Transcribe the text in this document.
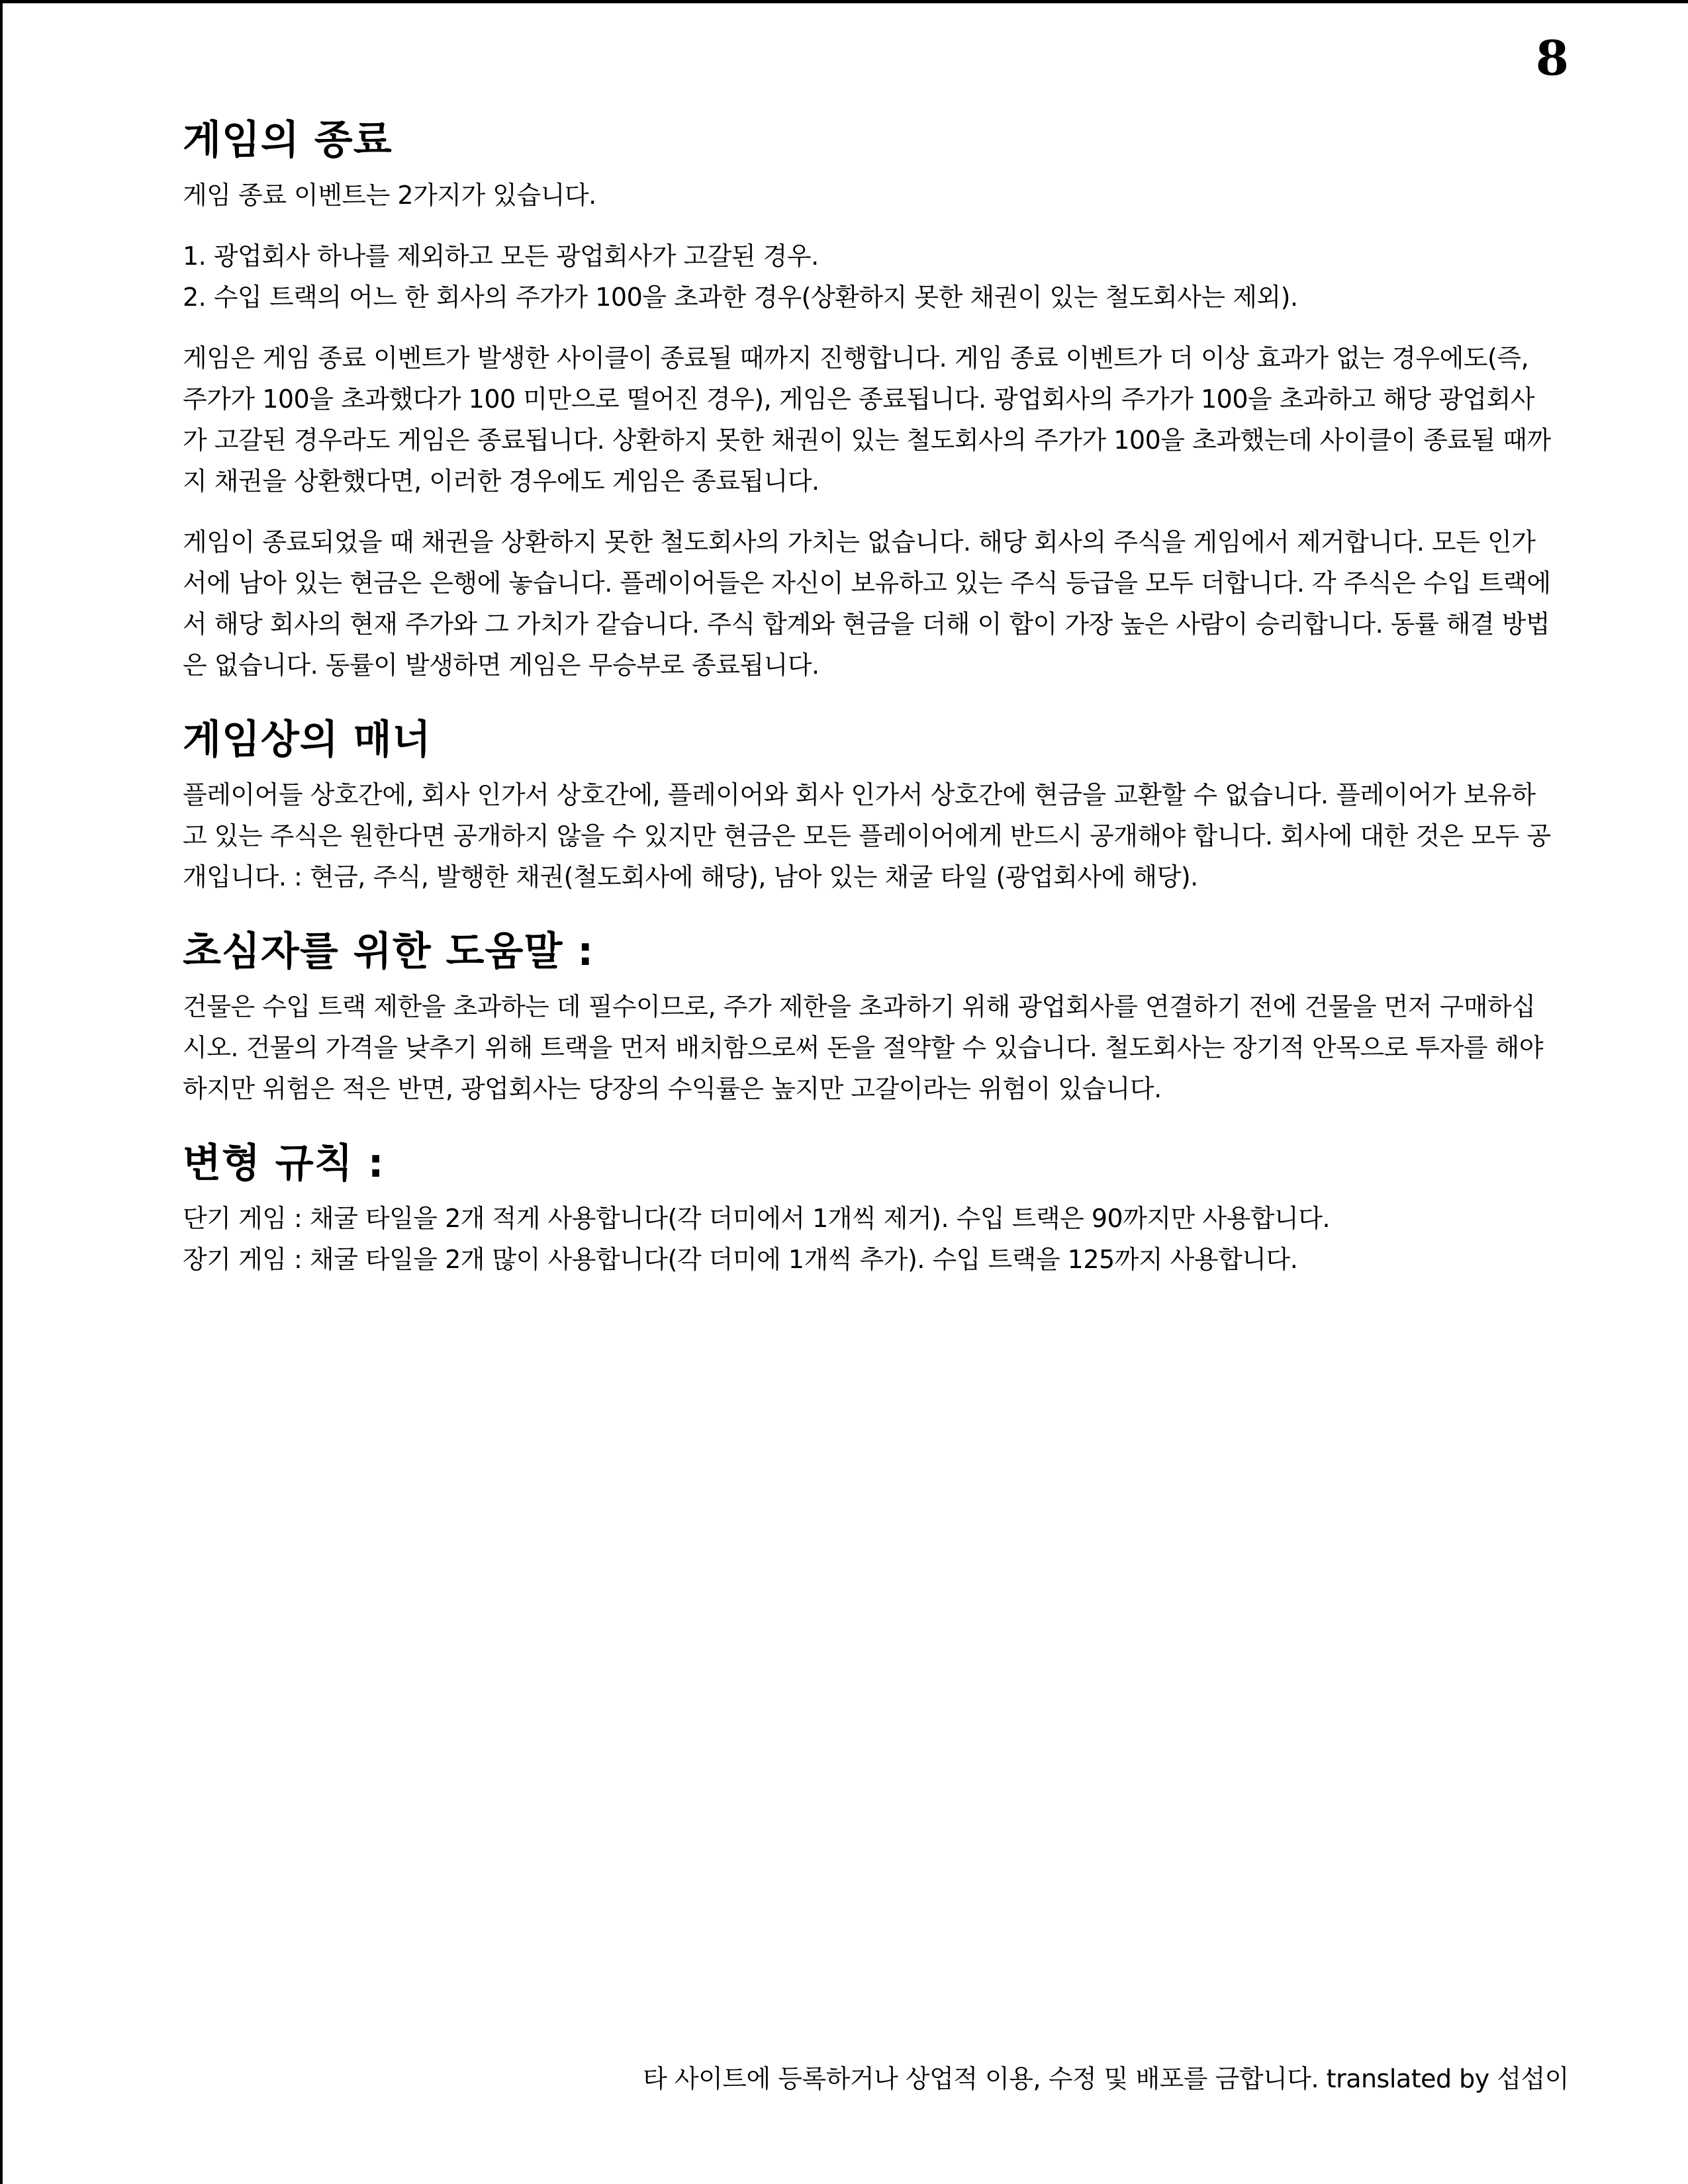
8
게임의 종료

게임 종료 이벤트는 2가지가 있습니다.

1. 광업회사 하나를 제외하고 모든 광업회사가 고갈된 경우.
2. 수입 트랙의 어느 한 회사의 주가가 100을 초과한 경우(상환하지 못한 채권이 있는 철도회사는 제외).

게임은 게임 종료 이벤트가 발생한 사이클이 종료될 때까지 진행합니다. 게임 종료 이벤트가 더 이상 효과가 없는 경우에도(즉, 주가가 100을 초과했다가 100 미만으로 떨어진 경우), 게임은 종료됩니다. 광업회사의 주가가 100을 초과하고 해당 광업회사가 고갈된 경우라도 게임은 종료됩니다. 상환하지 못한 채권이 있는 철도회사의 주가가 100을 초과했는데 사이클이 종료될 때까지 채권을 상환했다면, 이러한 경우에도 게임은 종료됩니다.

게임이 종료되었을 때 채권을 상환하지 못한 철도회사의 가치는 없습니다. 해당 회사의 주식을 게임에서 제거합니다. 모든 인가서에 남아 있는 현금은 은행에 놓습니다. 플레이어들은 자신이 보유하고 있는 주식 등급을 모두 더합니다. 각 주식은 수입 트랙에서 해당 회사의 현재 주가와 그 가치가 같습니다. 주식 합계와 현금을 더해 이 합이 가장 높은 사람이 승리합니다. 동률 해결 방법은 없습니다. 동률이 발생하면 게임은 무승부로 종료됩니다.

게임상의 매너

플레이어들 상호간에, 회사 인가서 상호간에, 플레이어와 회사 인가서 상호간에 현금을 교환할 수 없습니다. 플레이어가 보유하고 있는 주식은 원한다면 공개하지 않을 수 있지만 현금은 모든 플레이어에게 반드시 공개해야 합니다. 회사에 대한 것은 모두 공개입니다. : 현금, 주식, 발행한 채권(철도회사에 해당), 남아 있는 채굴 타일 (광업회사에 해당).

초심자를 위한 도움말 :

건물은 수입 트랙 제한을 초과하는 데 필수이므로, 주가 제한을 초과하기 위해 광업회사를 연결하기 전에 건물을 먼저 구매하십시오. 건물의 가격을 낮추기 위해 트랙을 먼저 배치함으로써 돈을 절약할 수 있습니다. 철도회사는 장기적 안목으로 투자를 해야 하지만 위험은 적은 반면, 광업회사는 당장의 수익률은 높지만 고갈이라는 위험이 있습니다.

변형 규칙 :

단기 게임 : 채굴 타일을 2개 적게 사용합니다(각 더미에서 1개씩 제거). 수입 트랙은 90까지만 사용합니다.

장기 게임 : 채굴 타일을 2개 많이 사용합니다(각 더미에 1개씩 추가). 수입 트랙을 125까지 사용합니다.

타 사이트에 등록하거나 상업적 이용, 수정 및 배포를 금합니다. translated by 섭섭이
